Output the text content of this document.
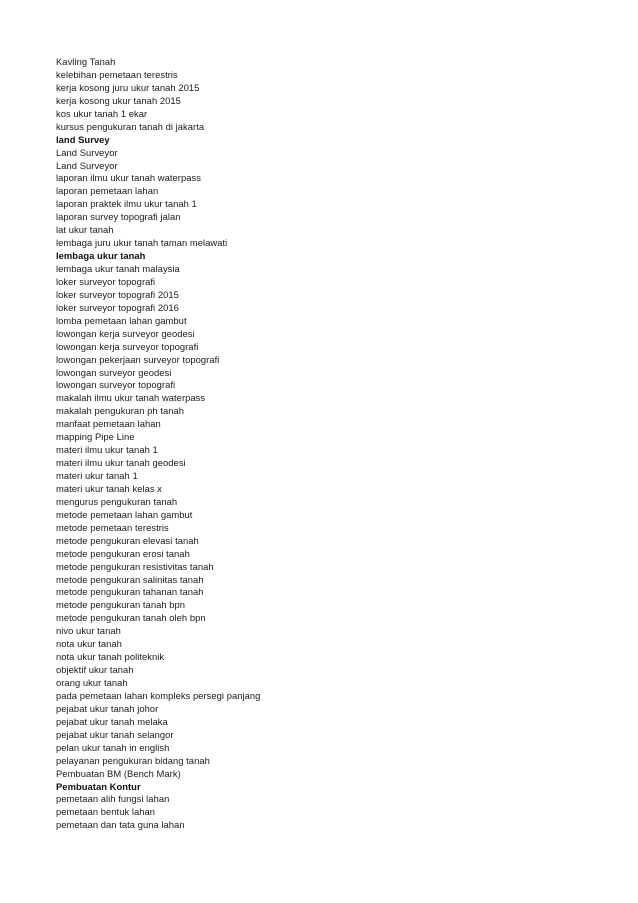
Kavling Tanah
kelebihan pemetaan terestris
kerja kosong juru ukur tanah 2015
kerja kosong ukur tanah 2015
kos ukur tanah 1 ekar
kursus pengukuran tanah di jakarta
land Survey
Land Surveyor
Land Surveyor
laporan ilmu ukur tanah waterpass
laporan pemetaan lahan
laporan praktek ilmu ukur tanah 1
laporan survey topografi jalan
lat ukur tanah
lembaga juru ukur tanah taman melawati
lembaga ukur tanah
lembaga ukur tanah malaysia
loker surveyor topografi
loker surveyor topografi 2015
loker surveyor topografi 2016
lomba pemetaan lahan gambut
lowongan kerja surveyor geodesi
lowongan kerja surveyor topografi
lowongan pekerjaan surveyor topografi
lowongan surveyor geodesi
lowongan surveyor topografi
makalah ilmu ukur tanah waterpass
makalah pengukuran ph tanah
manfaat pemetaan lahan
mapping Pipe Line
materi ilmu ukur tanah 1
materi ilmu ukur tanah geodesi
materi ukur tanah 1
materi ukur tanah kelas x
mengurus pengukuran tanah
metode pemetaan lahan gambut
metode pemetaan terestris
metode pengukuran elevasi tanah
metode pengukuran erosi tanah
metode pengukuran resistivitas tanah
metode pengukuran salinitas tanah
metode pengukuran tahanan tanah
metode pengukuran tanah bpn
metode pengukuran tanah oleh bpn
nivo ukur tanah
nota ukur tanah
nota ukur tanah politeknik
objektif ukur tanah
orang ukur tanah
pada pemetaan lahan kompleks persegi panjang
pejabat ukur tanah johor
pejabat ukur tanah melaka
pejabat ukur tanah selangor
pelan ukur tanah in english
pelayanan pengukuran bidang tanah
Pembuatan BM (Bench Mark)
Pembuatan Kontur
pemetaan alih fungsi lahan
pemetaan bentuk lahan
pemetaan dan tata guna lahan
